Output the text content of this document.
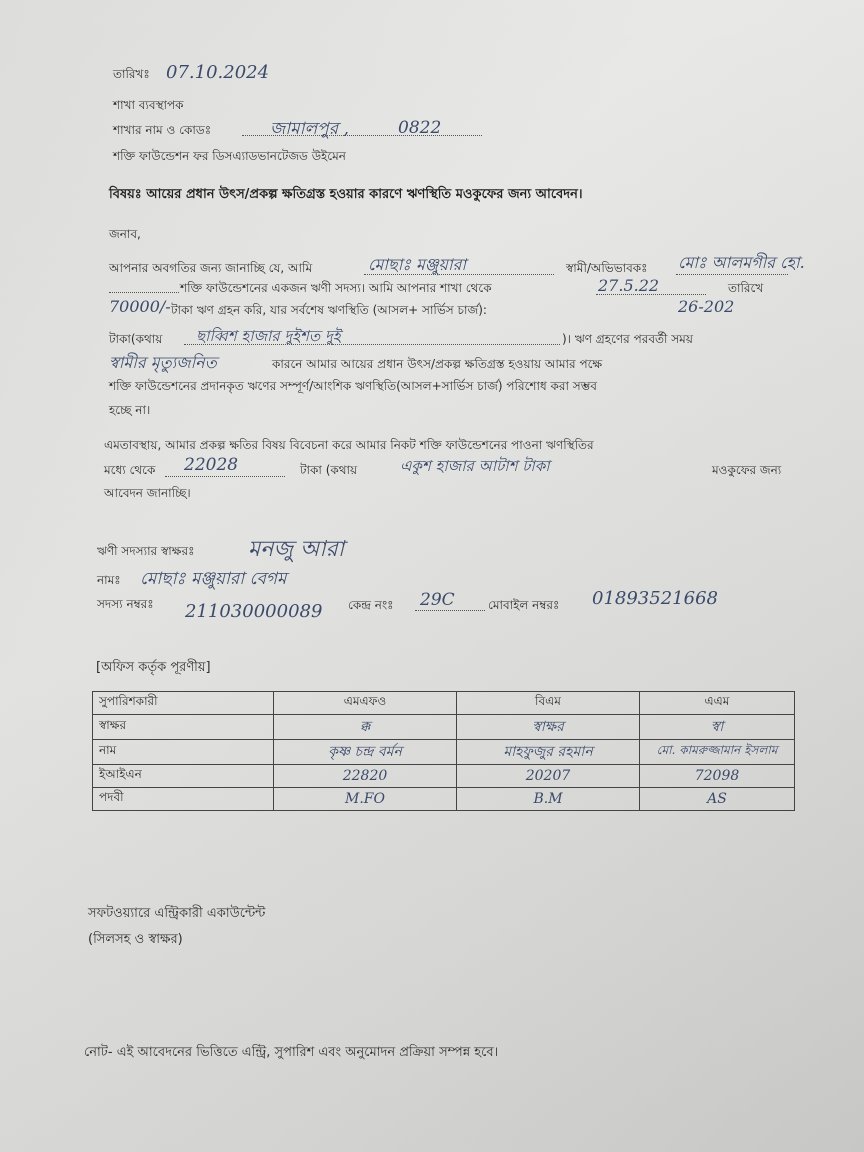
তারিখঃ 07.10.2024
শাখা ব্যবস্থাপক
শাখার নাম ও কোডঃ	জামালপুর ,	0822
শক্তি ফাউন্ডেশন ফর ডিসএ্যাডভানটেজড উইমেন
বিষয়ঃ আয়ের প্রধান উৎস/প্রকল্প ক্ষতিগ্রস্ত হওয়ার কারণে ঋণস্থিতি মওকুফের জন্য আবেদন।
জনাব,
আপনার অবগতির জন্য জানাচ্ছি যে, আমি	মোছাঃ মঞ্জুয়ারা	স্বামী/অভিভাবকঃ মোঃ আলমগীর হো.
শক্তি ফাউন্ডেশনের একজন ঋণী সদস্য। আমি আপনার শাখা থেকে	27.5.22	তারিখে
70000/- টাকা ঋণ গ্রহন করি, যার সর্বশেষ ঋণস্থিতি (আসল+ সার্ভিস চার্জ):	26-202
টাকা(কথায় ছাব্বিশ হাজার দুইশত দুই	)। ঋণ গ্রহণের পরবর্তী সময়
স্বামীর মৃত্যুজনিত	কারনে আমার আয়ের প্রধান উৎস/প্রকল্প ক্ষতিগ্রস্ত হওয়ায় আমার পক্ষে
শক্তি ফাউন্ডেশনের প্রদানকৃত ঋণের সম্পূর্ণ/আংশিক ঋণস্থিতি(আসল+সার্ভিস চার্জ) পরিশোধ করা সম্ভব
হচ্ছে না।
এমতাবস্থায়, আমার প্রকল্প ক্ষতির বিষয় বিবেচনা করে আমার নিকট শক্তি ফাউন্ডেশনের পাওনা ঋণস্থিতির
মধ্যে থেকে 22028	টাকা (কথায়	একুশ হাজার আটাশ টাকা	মওকুফের জন্য
আবেদন জানাচ্ছি।
ঋণী সদস্যার স্বাক্ষরঃ মনজু আরা
নামঃ মোছাঃ মঞ্জুয়ারা বেগম
সদস্য নম্বরঃ 211030000089 কেন্দ্র নংঃ 29C	মোবাইল নম্বরঃ 01893521668
[অফিস কর্তৃক পূরণীয়]
সুপারিশকারী	এমএফও	বিএম	এএম
স্বাক্ষর	ক্ক	স্বাক্ষর	স্বা
নাম	কৃষ্ণ চন্দ্র বর্মন	মাহফুজুর রহমান	মো. কামরুজ্জামান ইসলাম
ইআইএন	22820	20207	72098
পদবী	M.FO	B.M	AS
সফটওয়্যারে এন্ট্রিকারী একাউন্টেন্ট
(সিলসহ ও স্বাক্ষর)
নোট- এই আবেদনের ভিত্তিতে এন্ট্রি, সুপারিশ এবং অনুমোদন প্রক্রিয়া সম্পন্ন হবে।
